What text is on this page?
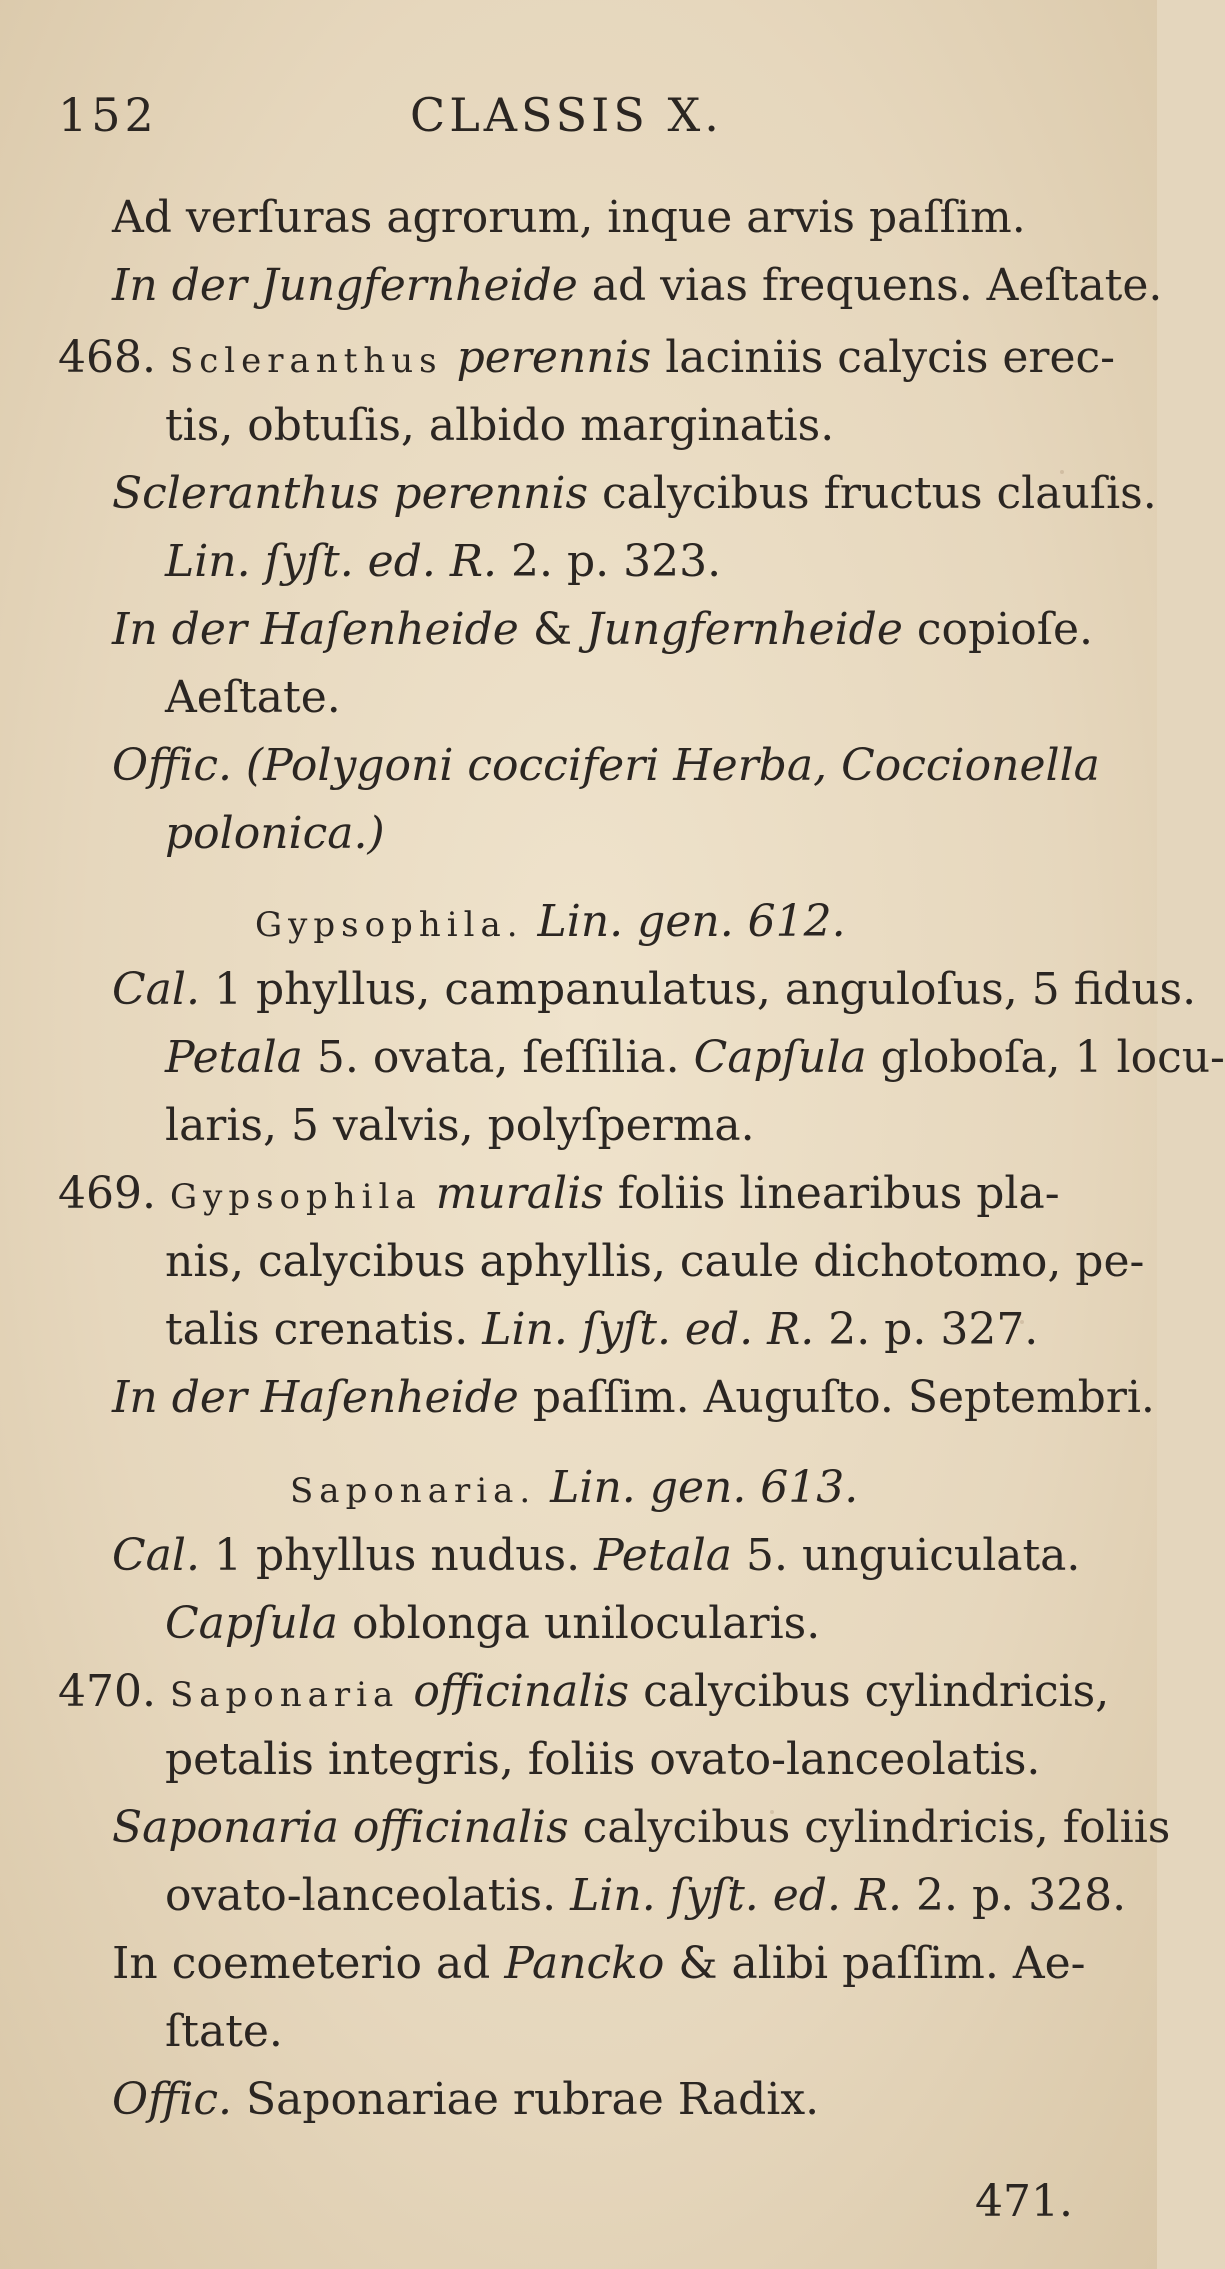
152	CLASSIS X.
Ad verſuras agrorum, inque arvis paſſim.
In der Jungfernheide ad vias frequens. Aeſtate.
468. Scleranthus perennis laciniis calycis erec-
tis, obtuſis, albido marginatis.
Scleranthus perennis calycibus fructus clauſis.
Lin. ſyſt. ed. R. 2. p. 323.
In der Haſenheide & Jungfernheide copioſe.
Aeſtate.
Offic. (Polygoni cocciferi Herba, Coccionella
polonica.)
Gypsophila. Lin. gen. 612.
Cal. 1 phyllus, campanulatus, anguloſus, 5 fidus.
Petala 5. ovata, ſeſſilia. Capſula globoſa, 1 locu-
laris, 5 valvis, polyſperma.
469. Gypsophila muralis foliis linearibus pla-
nis, calycibus aphyllis, caule dichotomo, pe-
talis crenatis. Lin. ſyſt. ed. R. 2. p. 327.
In der Haſenheide paſſim. Auguſto. Septembri.
Saponaria. Lin. gen. 613.
Cal. 1 phyllus nudus. Petala 5. unguiculata.
Capſula oblonga unilocularis.
470. Saponaria officinalis calycibus cylindricis,
petalis integris, foliis ovato-lanceolatis.
Saponaria officinalis calycibus cylindricis, foliis
ovato-lanceolatis. Lin. ſyſt. ed. R. 2. p. 328.
In coemeterio ad Pancko & alibi paſſim. Ae-
ſtate.
Offic. Saponariae rubrae Radix.
471.
